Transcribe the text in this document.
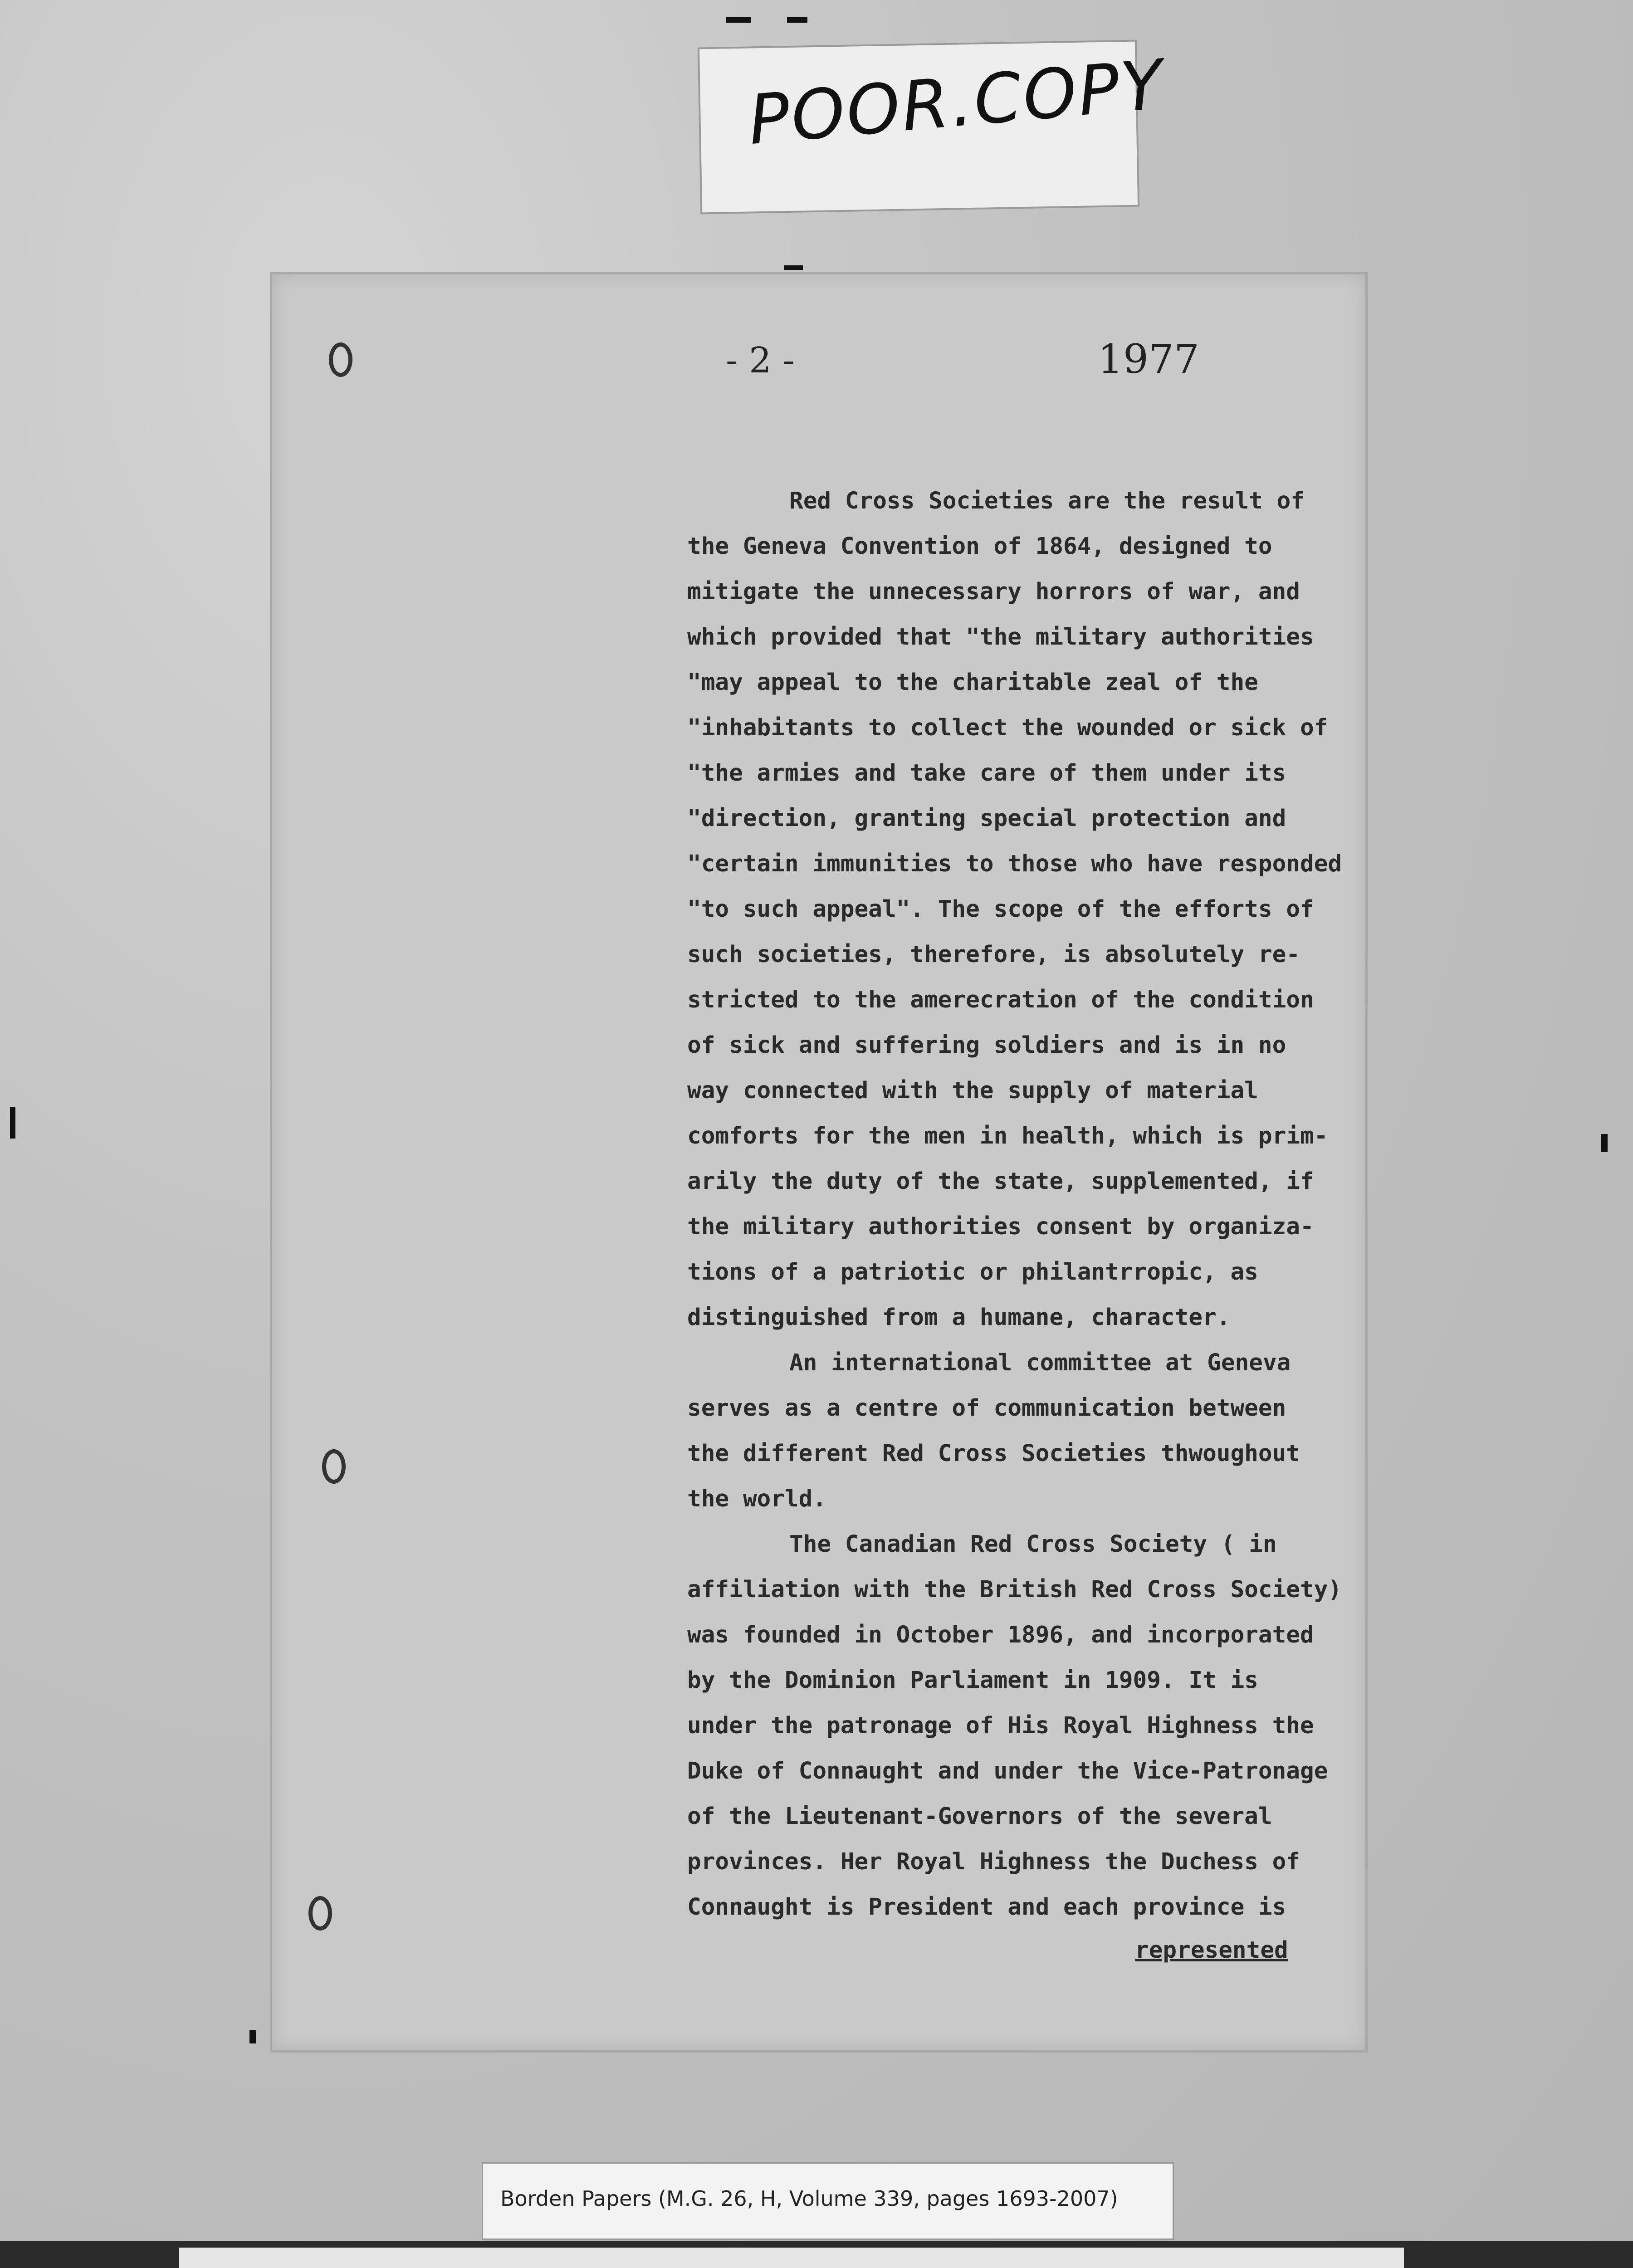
POOR.COPY
- 2 -	1977
Red Cross Societies are the result of
the Geneva Convention of 1864, designed to
mitigate the unnecessary horrors of war, and
which provided that "the military authorities
"may appeal to the charitable zeal of the
"inhabitants to collect the wounded or sick of
"the armies and take care of them under its
"direction, granting special protection and
"certain immunities to those who have responded
"to such appeal". The scope of the efforts of
such societies, therefore, is absolutely re-
stricted to the amerecration of the condition
of sick and suffering soldiers and is in no
way connected with the supply of material
comforts for the men in health, which is prim-
arily the duty of the state, supplemented, if
the military authorities consent by organiza-
tions of a patriotic or philantrropic, as
distinguished from a humane, character.
An international committee at Geneva
serves as a centre of communication between
the different Red Cross Societies thwoughout
the world.
The Canadian Red Cross Society ( in
affiliation with the British Red Cross Society)
was founded in October 1896, and incorporated
by the Dominion Parliament in 1909. It is
under the patronage of His Royal Highness the
Duke of Connaught and under the Vice-Patronage
of the Lieutenant-Governors of the several
provinces. Her Royal Highness the Duchess of
Connaught is President and each province is
represented
Borden Papers (M.G. 26, H, Volume 339, pages 1693-2007)
